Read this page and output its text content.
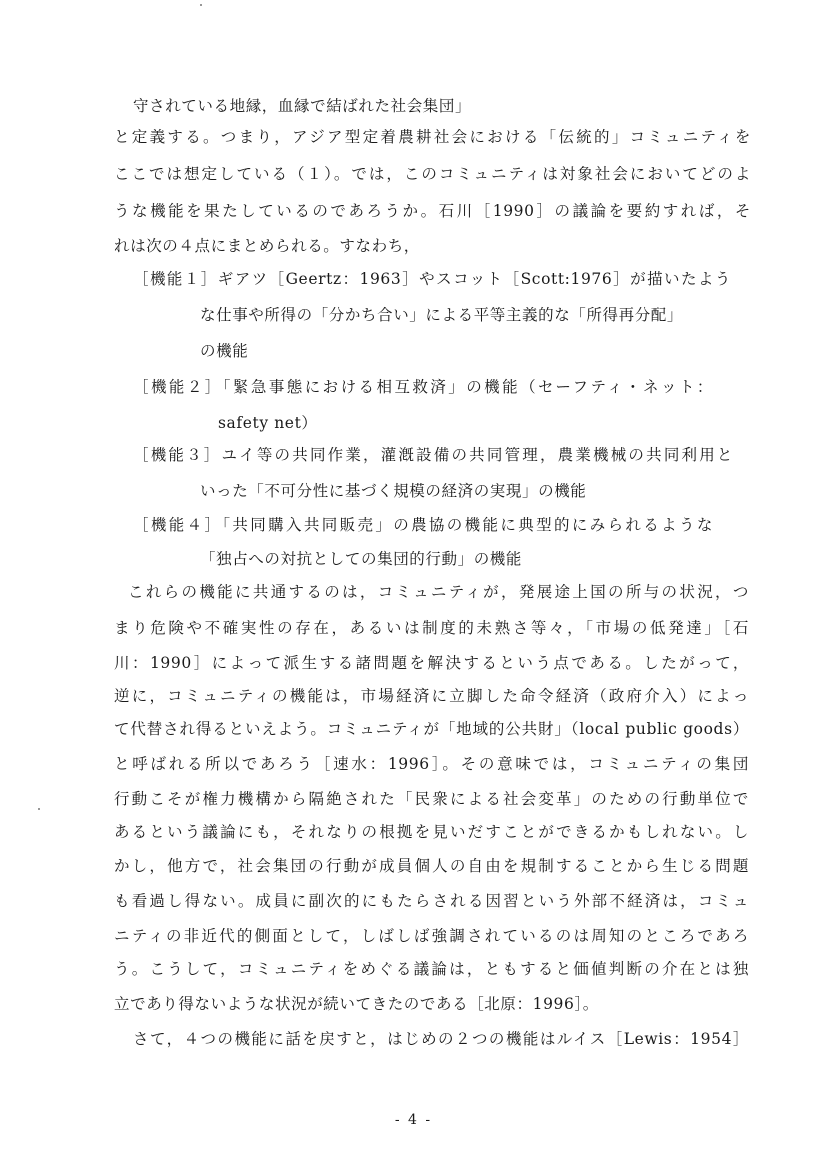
守されている地縁，血縁で結ばれた社会集団」
と定義する。つまり，アジア型定着農耕社会における「伝統的」コミュニティを
ここでは想定している（１）。では，このコミュニティは対象社会においてどのよ
うな機能を果たしているのであろうか。石川［1990］の議論を要約すれば，そ
れは次の４点にまとめられる。すなわち，
［機能１］ギアツ［Geertz：1963］やスコット［Scott:1976］が描いたよう
な仕事や所得の「分かち合い」による平等主義的な「所得再分配」
の機能
［機能２］「緊急事態における相互救済」の機能（セーフティ・ネット：
safety net）
［機能３］ユイ等の共同作業，灌漑設備の共同管理，農業機械の共同利用と
いった「不可分性に基づく規模の経済の実現」の機能
［機能４］「共同購入共同販売」の農協の機能に典型的にみられるような
「独占への対抗としての集団的行動」の機能
これらの機能に共通するのは，コミュニティが，発展途上国の所与の状況，つ
まり危険や不確実性の存在，あるいは制度的未熟さ等々，「市場の低発達」［石
川：1990］によって派生する諸問題を解決するという点である。したがって，
逆に，コミュニティの機能は，市場経済に立脚した命令経済（政府介入）によっ
て代替され得るといえよう。コミュニティが「地域的公共財」（local public goods）
と呼ばれる所以であろう［速水：1996］。その意味では，コミュニティの集団
行動こそが権力機構から隔絶された「民衆による社会変革」のための行動単位で
あるという議論にも，それなりの根拠を見いだすことができるかもしれない。し
かし，他方で，社会集団の行動が成員個人の自由を規制することから生じる問題
も看過し得ない。成員に副次的にもたらされる因習という外部不経済は，コミュ
ニティの非近代的側面として，しばしば強調されているのは周知のところであろ
う。こうして，コミュニティをめぐる議論は，ともすると価値判断の介在とは独
立であり得ないような状況が続いてきたのである［北原：1996］。
さて，４つの機能に話を戻すと，はじめの２つの機能はルイス［Lewis：1954］
- 4 -
